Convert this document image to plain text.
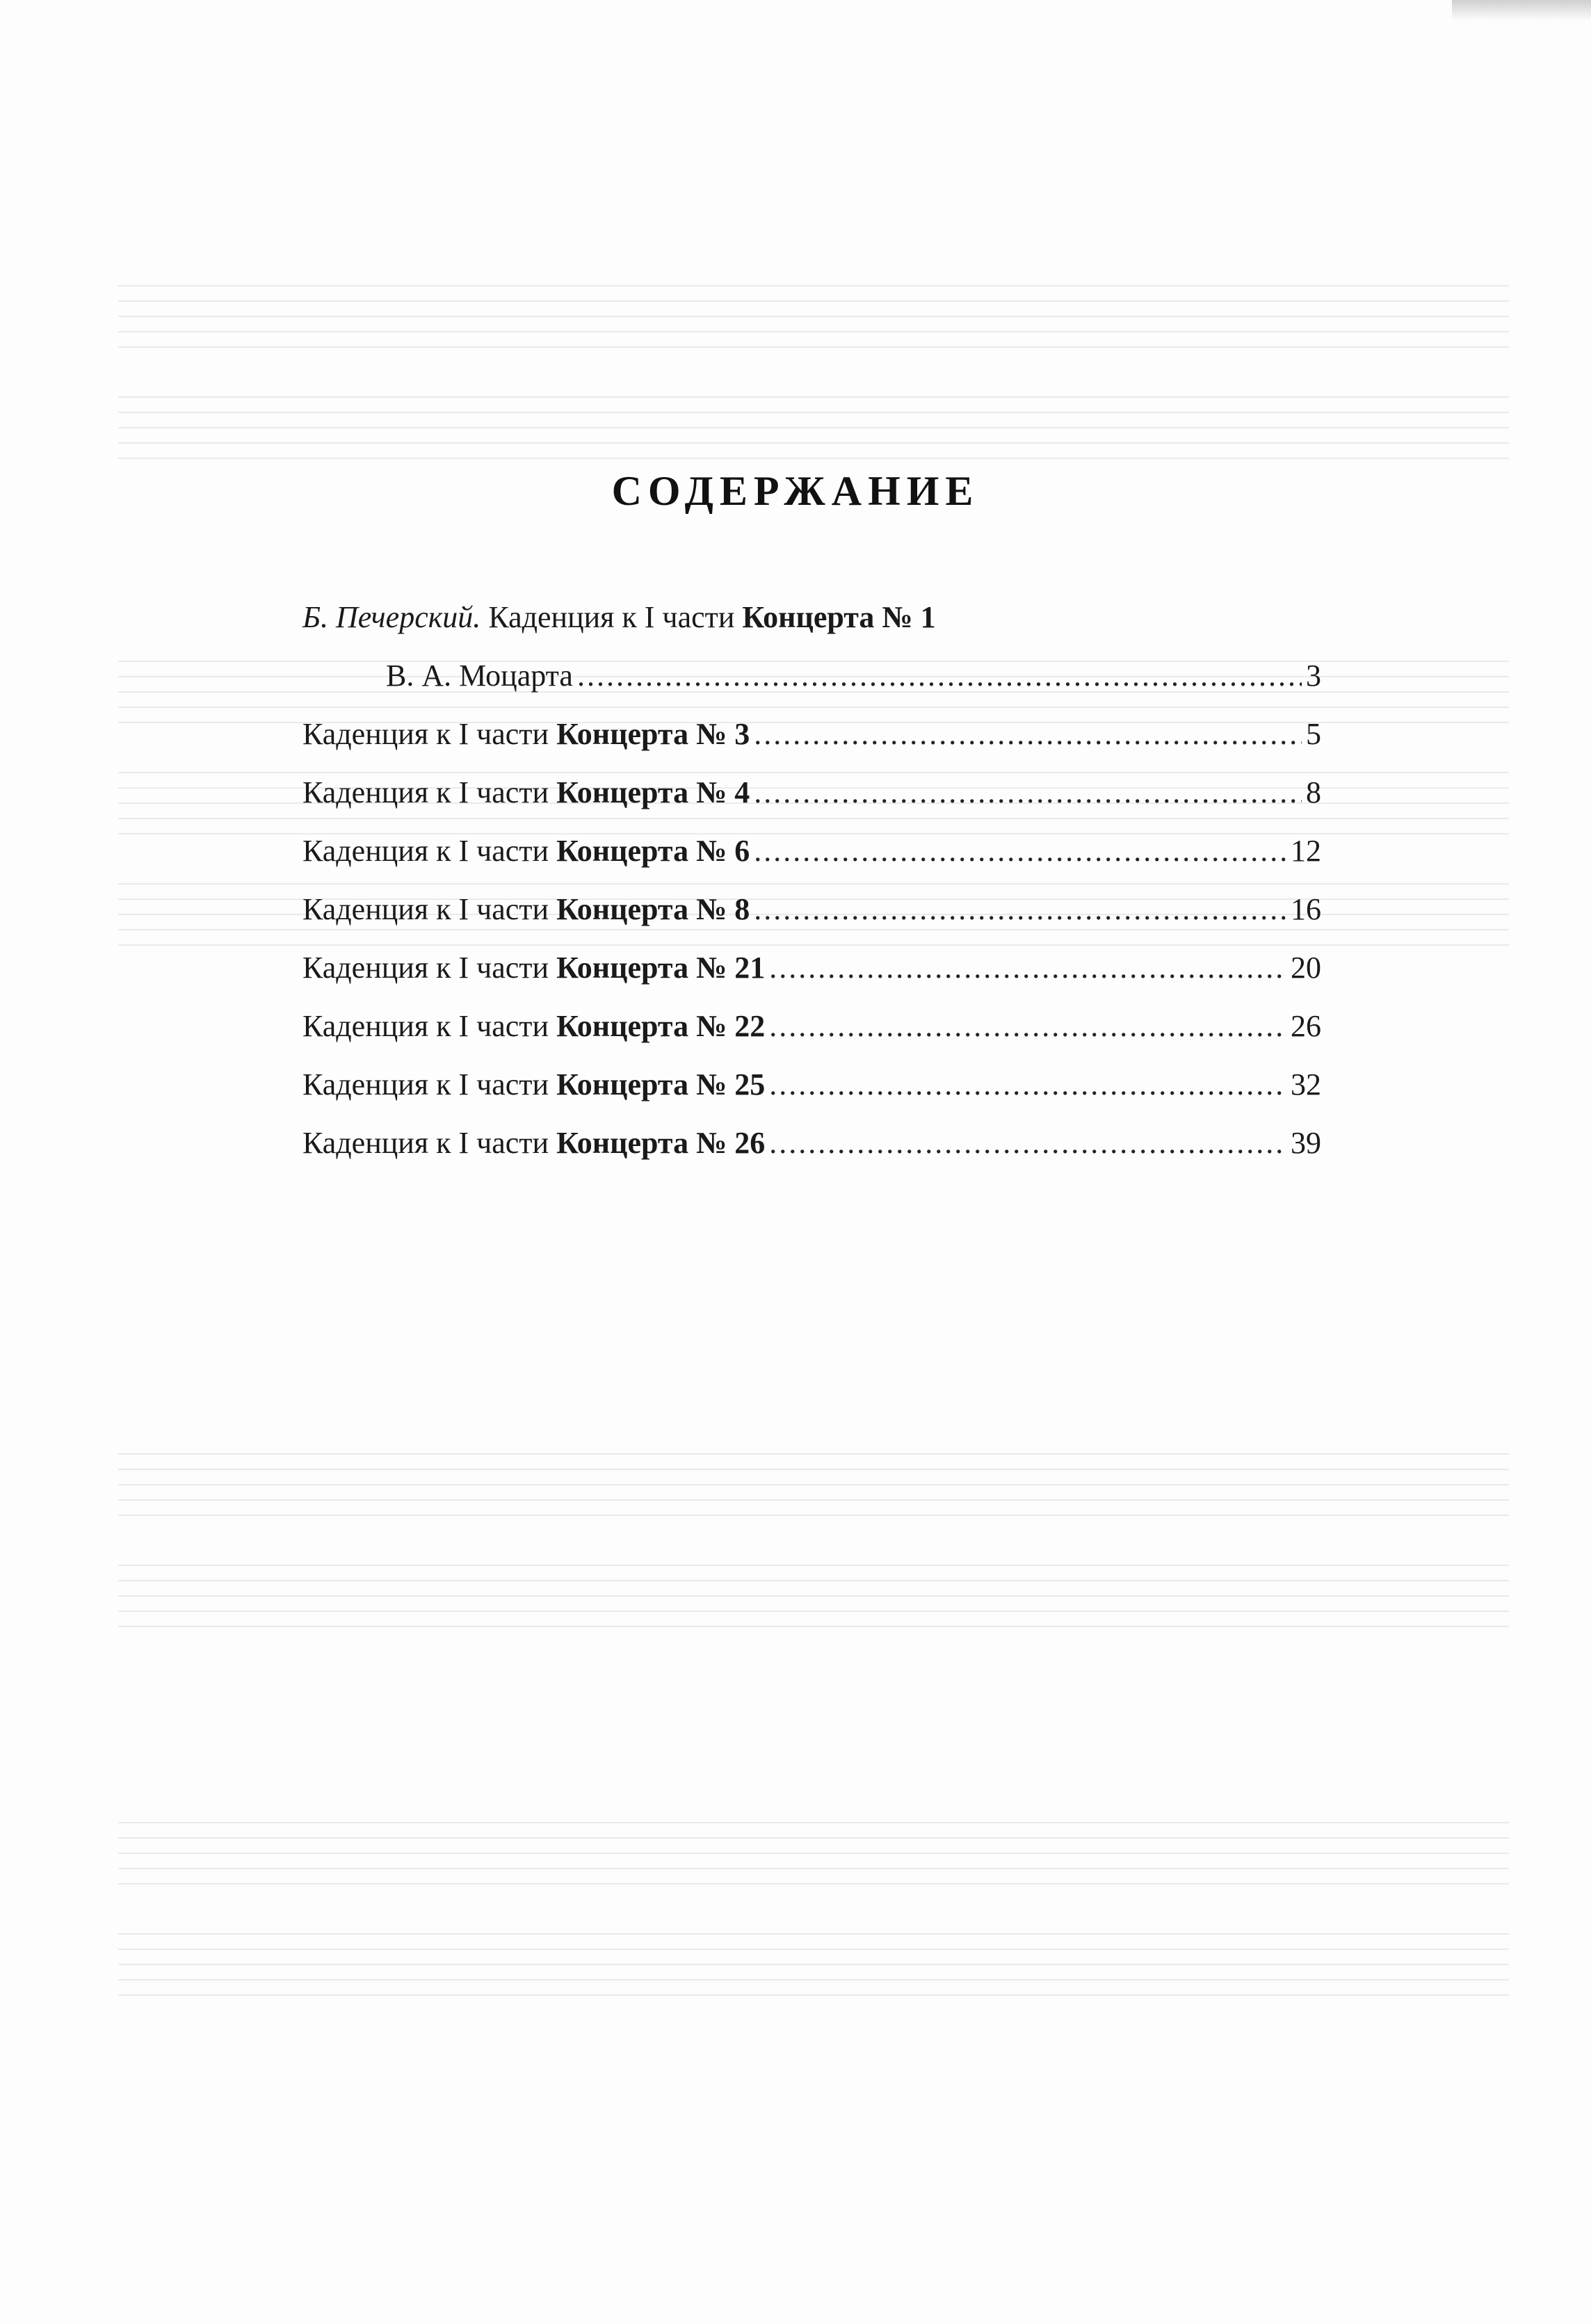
СОДЕРЖАНИЕ
Б. Печерский. Каденция к I части Концерта № 1
В. А. Моцарта .....	3
Каденция к I части Концерта № 3 .....	5
Каденция к I части Концерта № 4 .....	8
Каденция к I части Концерта № 6 .....	12
Каденция к I части Концерта № 8 .....	16
Каденция к I части Концерта № 21 .....	20
Каденция к I части Концерта № 22 .....	26
Каденция к I части Концерта № 25 .....	32
Каденция к I части Концерта № 26 .....	39
